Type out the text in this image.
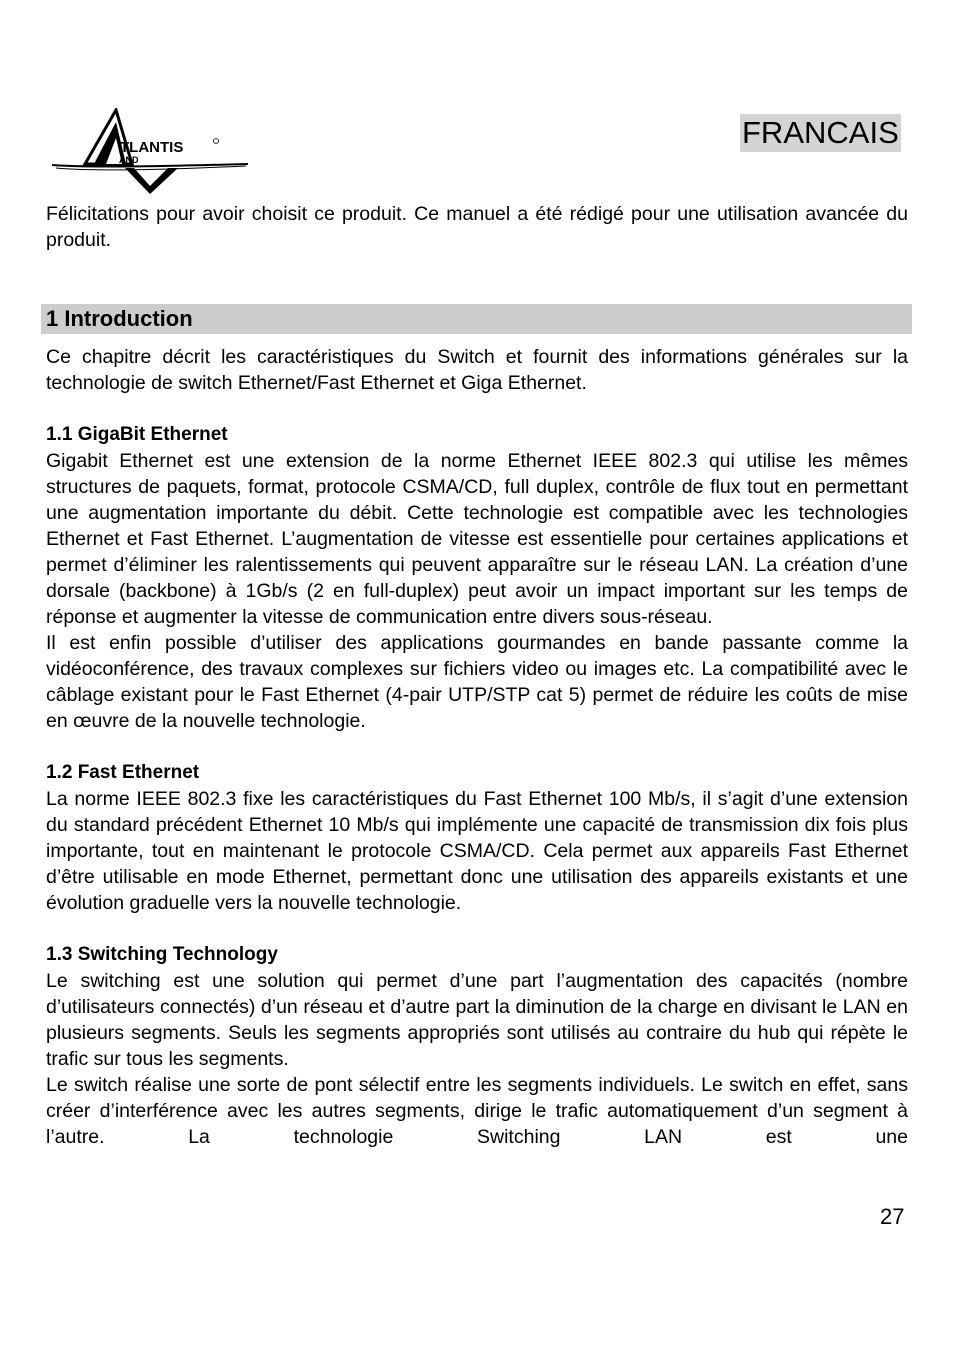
TLANTIS
AND
FRANCAIS

Félicitations pour avoir choisit ce produit. Ce manuel a été rédigé pour une utilisation avancée du produit.

1 Introduction

Ce chapitre décrit les caractéristiques du Switch et fournit des informations générales sur la technologie de switch Ethernet/Fast Ethernet et Giga Ethernet.

1.1 GigaBit Ethernet

Gigabit Ethernet est une extension de la norme Ethernet IEEE 802.3 qui utilise les mêmes structures de paquets, format, protocole CSMA/CD, full duplex, contrôle de flux tout en permettant une augmentation importante du débit. Cette technologie est compatible avec les technologies Ethernet et Fast Ethernet. L’augmentation de vitesse est essentielle pour certaines applications et permet d’éliminer les ralentissements qui peuvent apparaître sur le réseau LAN. La création d’une dorsale (backbone) à 1Gb/s (2 en full-duplex) peut avoir un impact important sur les temps de réponse et augmenter la vitesse de communication entre divers sous-réseau.

Il est enfin possible d’utiliser des applications gourmandes en bande passante comme la vidéoconférence, des travaux complexes sur fichiers video ou images etc. La compatibilité avec le câblage existant pour le Fast Ethernet (4-pair UTP/STP cat 5) permet de réduire les coûts de mise en œuvre de la nouvelle technologie.

1.2 Fast Ethernet

La norme IEEE 802.3 fixe les caractéristiques du Fast Ethernet 100 Mb/s, il s’agit d’une extension du standard précédent Ethernet 10 Mb/s qui implémente une capacité de transmission dix fois plus importante, tout en maintenant le protocole CSMA/CD. Cela permet aux appareils Fast Ethernet d’être utilisable en mode Ethernet, permettant donc une utilisation des appareils existants et une évolution graduelle vers la nouvelle technologie.

1.3 Switching Technology

Le switching est une solution qui permet d’une part l’augmentation des capacités (nombre d’utilisateurs connectés) d’un réseau et d’autre part la diminution de la charge en divisant le LAN en plusieurs segments. Seuls les segments appropriés sont utilisés au contraire du hub qui répète le trafic sur tous les segments.

Le switch réalise une sorte de pont sélectif entre les segments individuels. Le switch en effet, sans créer d’interférence avec les autres segments, dirige le trafic automatiquement d’un segment à l’autre. La technologie Switching LAN est une

27
